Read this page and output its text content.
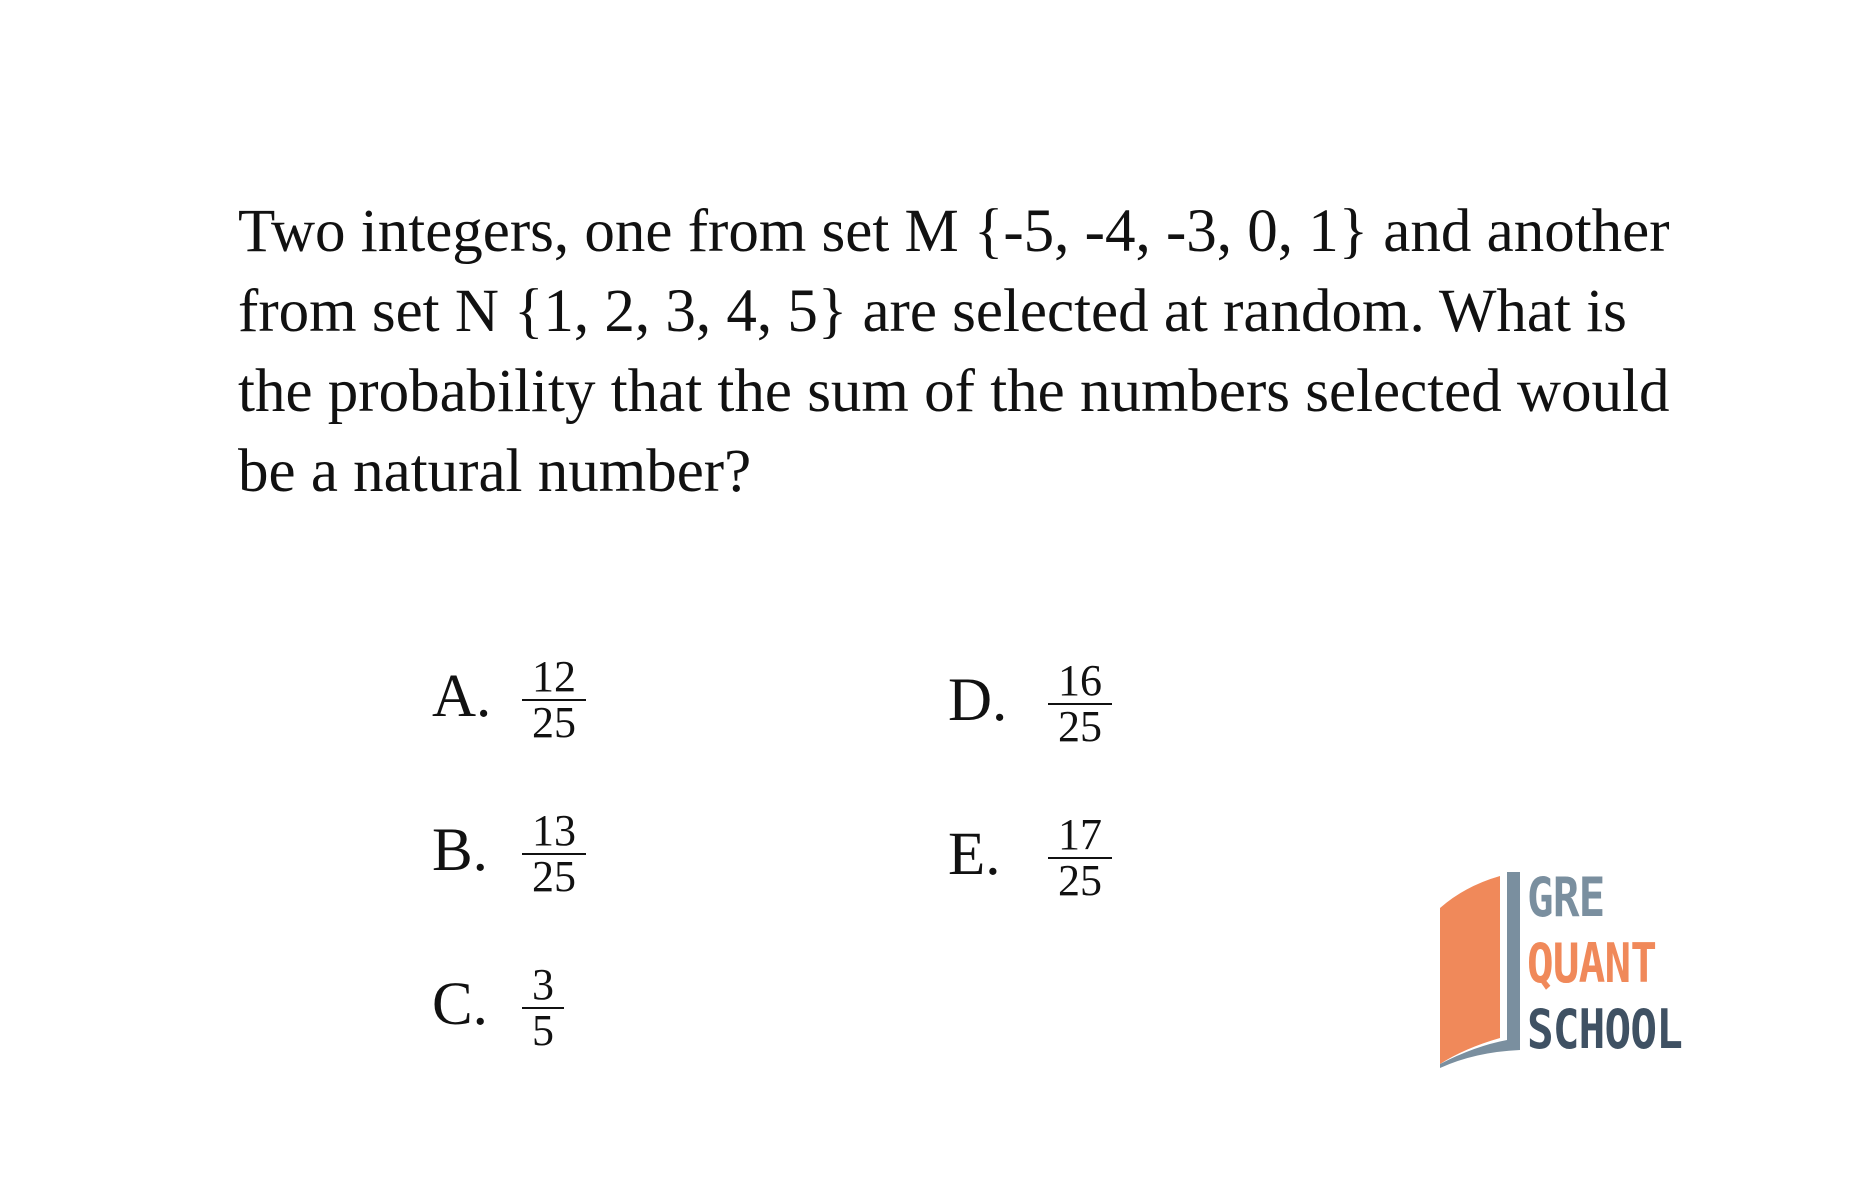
Two integers, one from set M {-5, -4, -3, 0, 1} and another
from set N {1, 2, 3, 4, 5} are selected at random. What is
the probability that the sum of the numbers selected would
be a natural number?
A. $\frac{12}{25}$
B. $\frac{13}{25}$
C. $\frac{3}{5}$
D. $\frac{16}{25}$
E.	$\frac{17}{25}$	GRE
QUANT
SCHOOL
